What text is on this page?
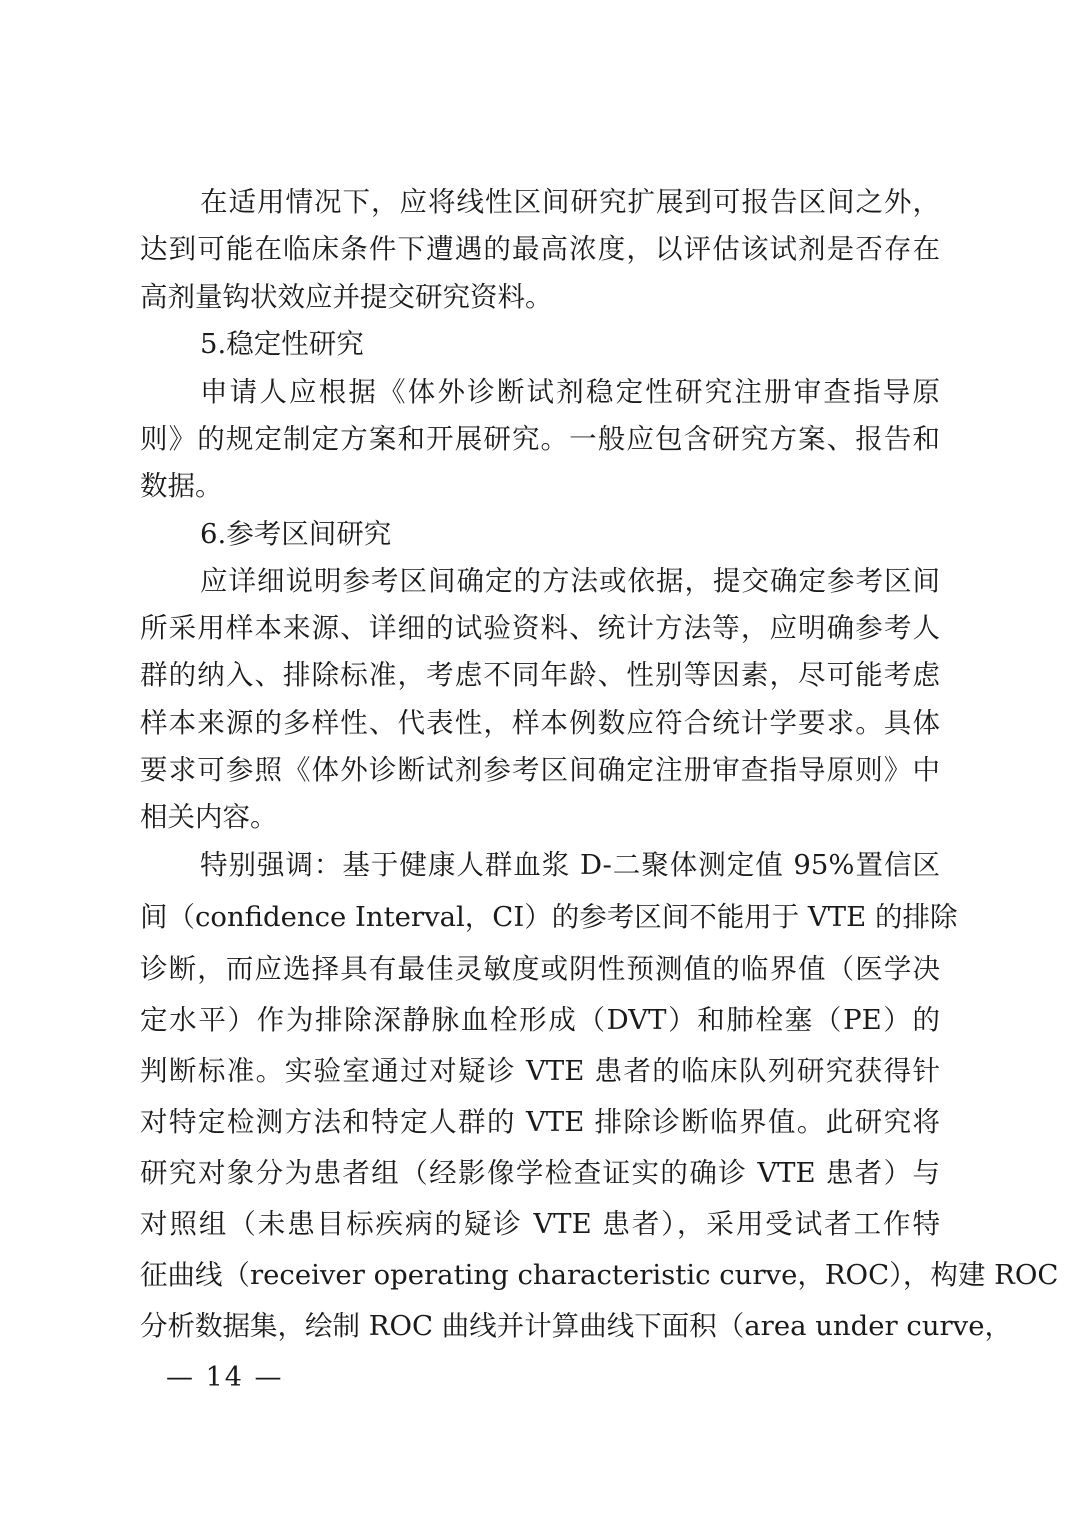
在适用情况下，应将线性区间研究扩展到可报告区间之外，
达到可能在临床条件下遭遇的最高浓度，以评估该试剂是否存在
高剂量钩状效应并提交研究资料。
5.稳定性研究
申请人应根据《体外诊断试剂稳定性研究注册审查指导原
则》的规定制定方案和开展研究。一般应包含研究方案、报告和
数据。
6.参考区间研究
应详细说明参考区间确定的方法或依据，提交确定参考区间
所采用样本来源、详细的试验资料、统计方法等，应明确参考人
群的纳入、排除标准，考虑不同年龄、性别等因素，尽可能考虑
样本来源的多样性、代表性，样本例数应符合统计学要求。具体
要求可参照《体外诊断试剂参考区间确定注册审查指导原则》中
相关内容。
特别强调：基于健康人群血浆 D-二聚体测定值 95%置信区
间（confidence Interval，CI）的参考区间不能用于 VTE 的排除
诊断，而应选择具有最佳灵敏度或阴性预测值的临界值（医学决
定水平）作为排除深静脉血栓形成（DVT）和肺栓塞（PE）的
判断标准。实验室通过对疑诊 VTE 患者的临床队列研究获得针
对特定检测方法和特定人群的 VTE 排除诊断临界值。此研究将
研究对象分为患者组（经影像学检查证实的确诊 VTE 患者）与
对照组（未患目标疾病的疑诊 VTE 患者），采用受试者工作特
征曲线（receiver operating characteristic curve，ROC），构建 ROC
分析数据集，绘制 ROC 曲线并计算曲线下面积（area under curve，
— 14 —
